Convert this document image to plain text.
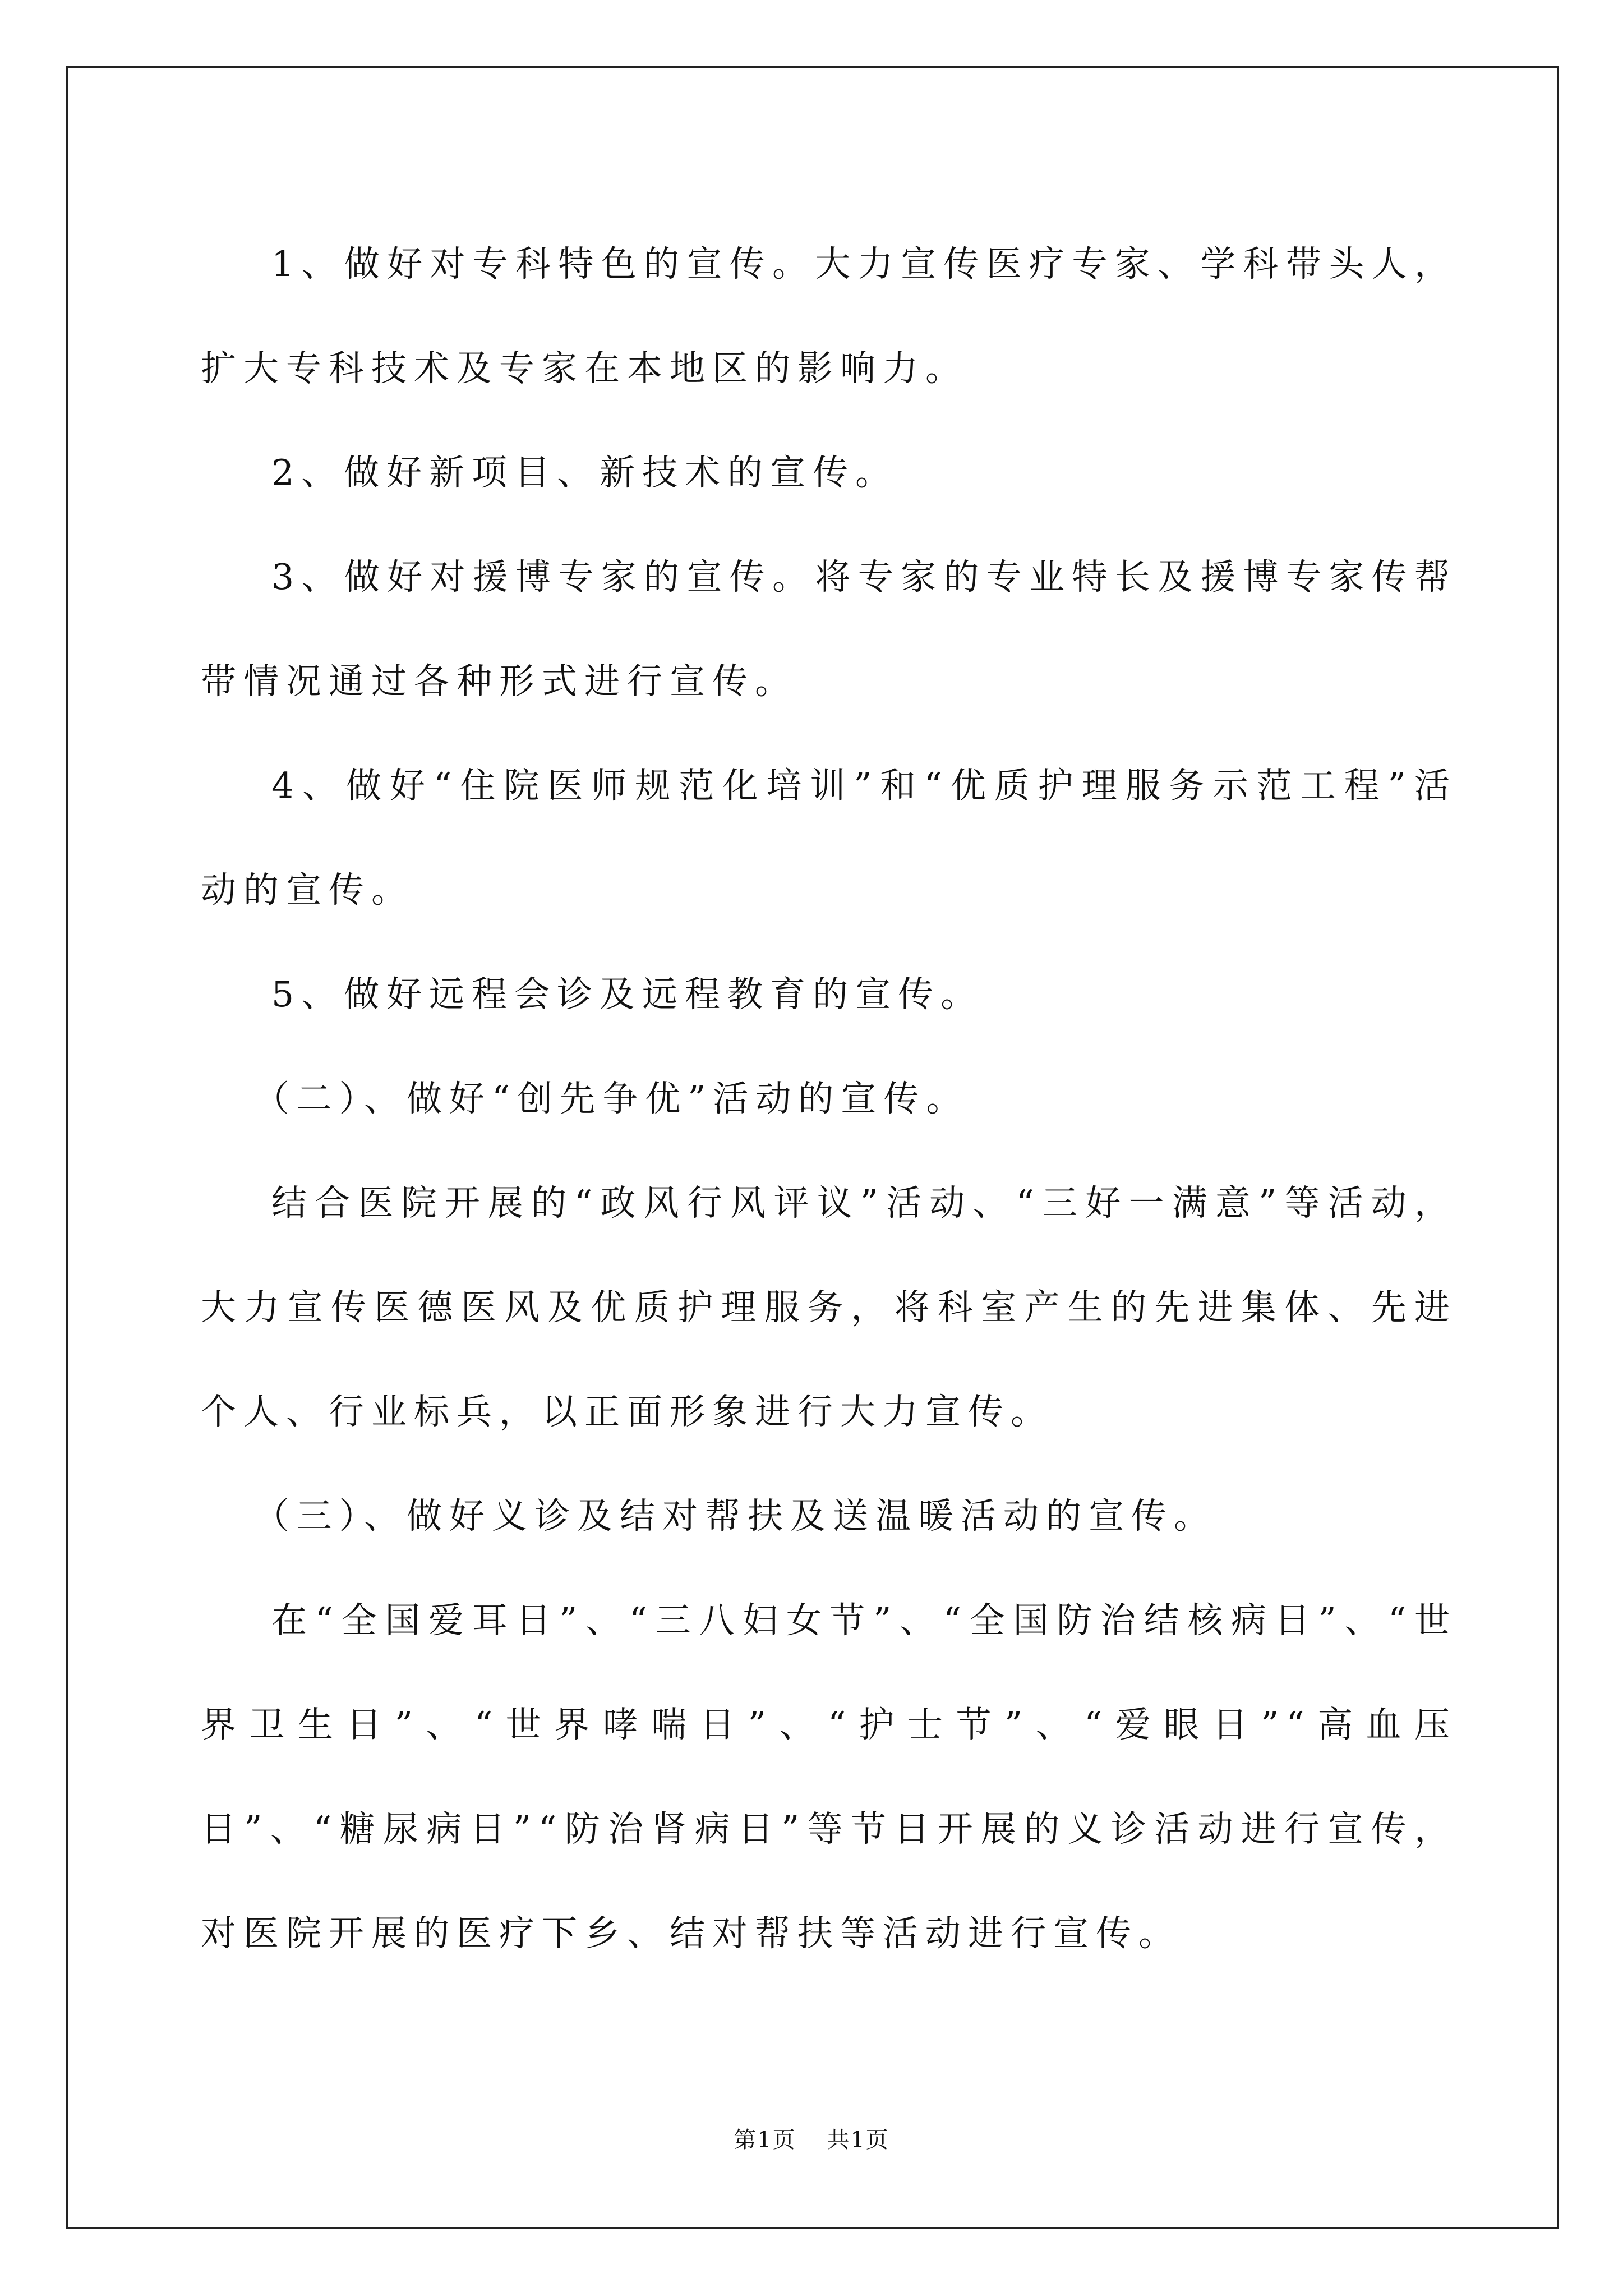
1、做好对专科特色的宣传。大力宣传医疗专家、学科带头人，扩大专科技术及专家在本地区的影响力。

2、做好新项目、新技术的宣传。

3、做好对援博专家的宣传。将专家的专业特长及援博专家传帮带情况通过各种形式进行宣传。

4、做好“住院医师规范化培训”和“优质护理服务示范工程”活动的宣传。

5、做好远程会诊及远程教育的宣传。

（二）、做好“创先争优”活动的宣传。

结合医院开展的“政风行风评议”活动、“三好一满意”等活动，大力宣传医德医风及优质护理服务，将科室产生的先进集体、先进个人、行业标兵，以正面形象进行大力宣传。

（三）、做好义诊及结对帮扶及送温暖活动的宣传。

在“全国爱耳日”、“三八妇女节”、“全国防治结核病日”、“世界卫生日”、“世界哮喘日”、“护士节”、“爱眼日”“高血压日”、“糖尿病日”“防治肾病日”等节日开展的义诊活动进行宣传，对医院开展的医疗下乡、结对帮扶等活动进行宣传。

第1页 共1页
